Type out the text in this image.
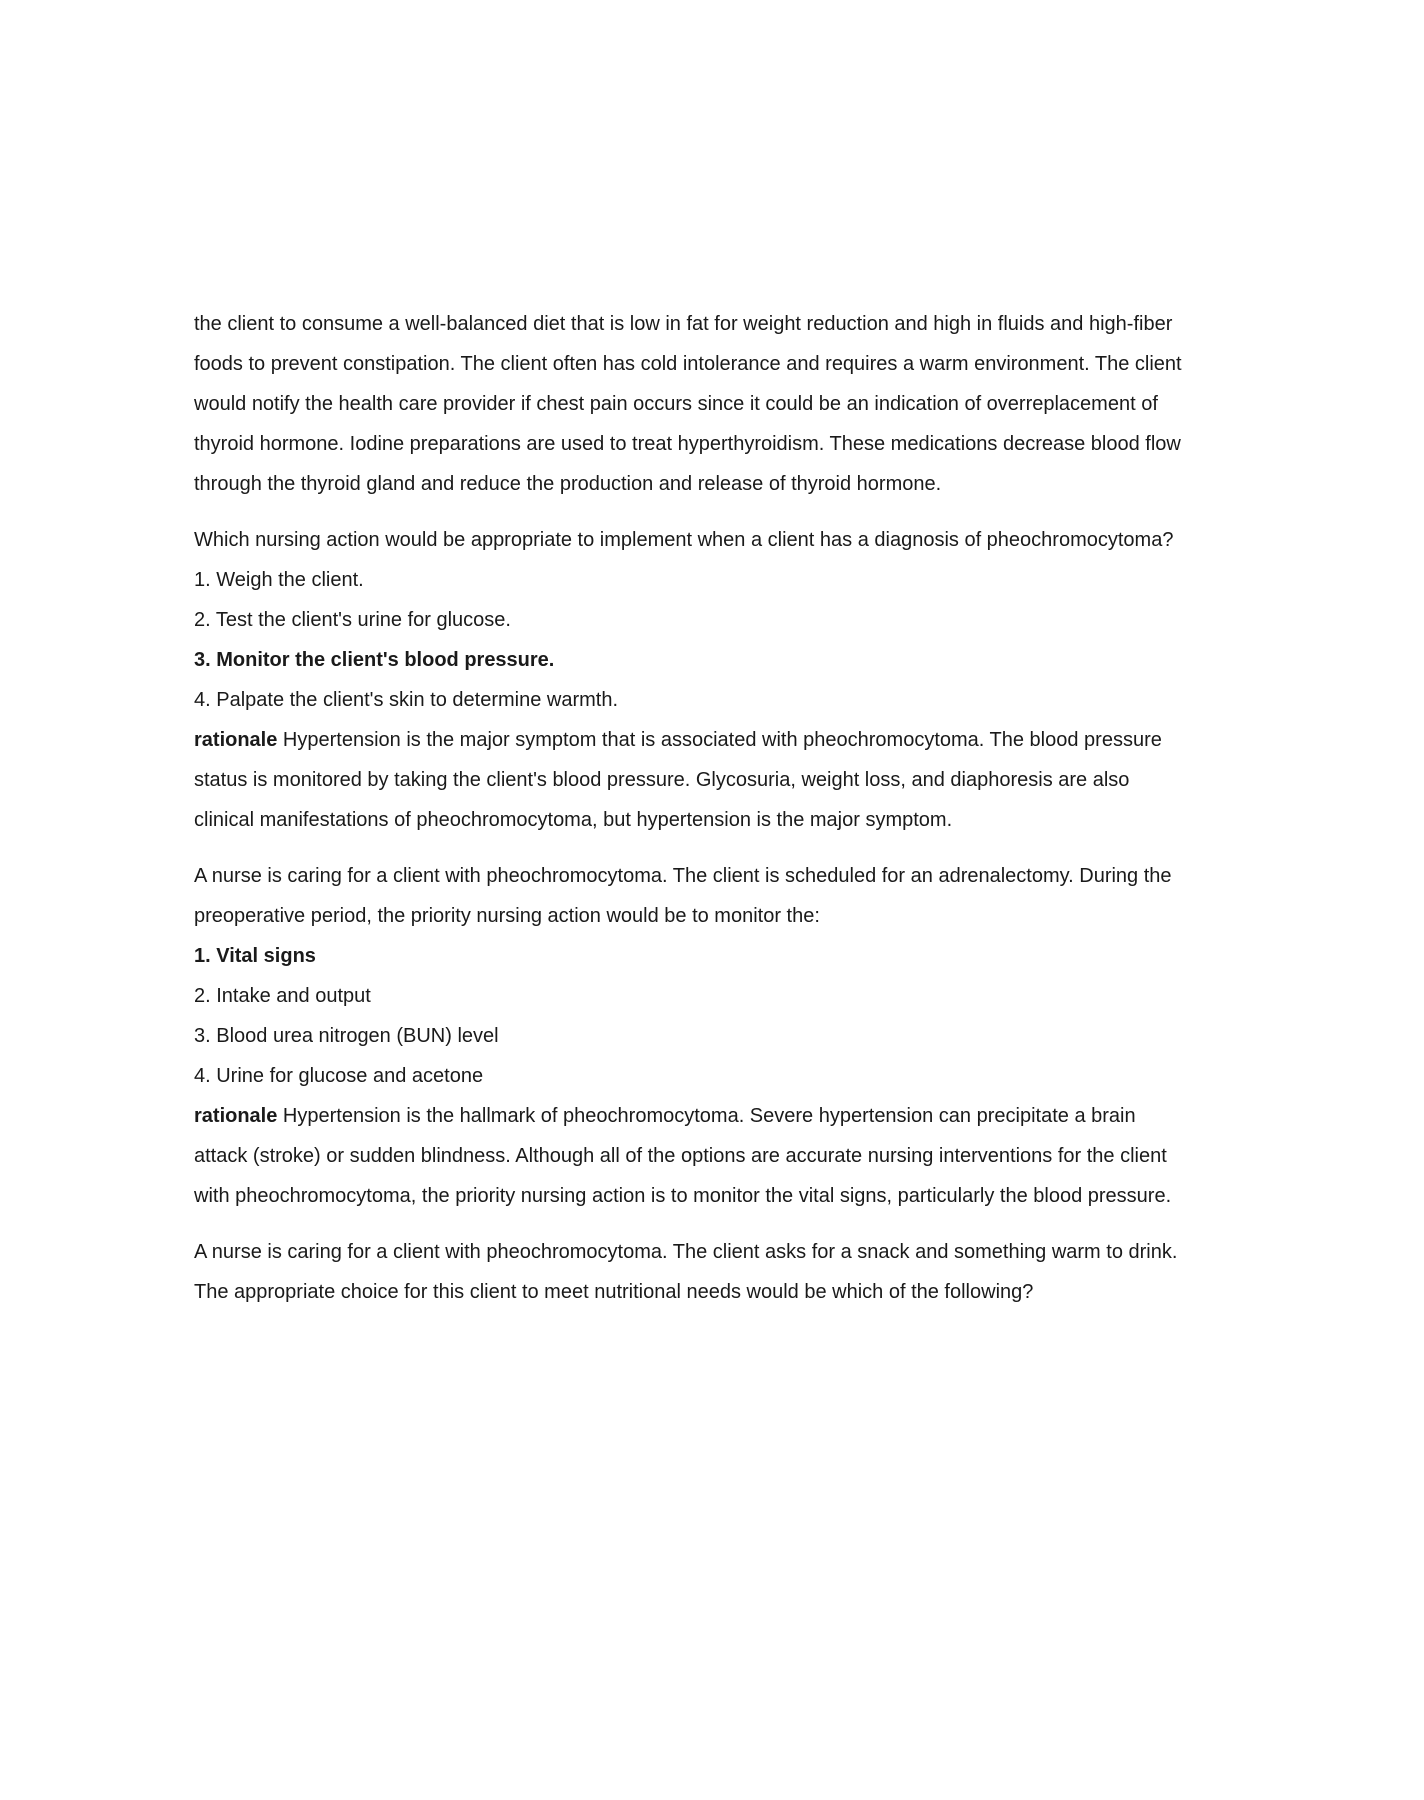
the client to consume a well-balanced diet that is low in fat for weight reduction and high in fluids and high-fiber foods to prevent constipation. The client often has cold intolerance and requires a warm environment. The client would notify the health care provider if chest pain occurs since it could be an indication of overreplacement of thyroid hormone. Iodine preparations are used to treat hyperthyroidism. These medications decrease blood flow through the thyroid gland and reduce the production and release of thyroid hormone.

Which nursing action would be appropriate to implement when a client has a diagnosis of pheochromocytoma?

1. Weigh the client.
2. Test the client's urine for glucose.
3. Monitor the client's blood pressure.
4. Palpate the client's skin to determine warmth.

rationale Hypertension is the major symptom that is associated with pheochromocytoma. The blood pressure status is monitored by taking the client's blood pressure. Glycosuria, weight loss, and diaphoresis are also clinical manifestations of pheochromocytoma, but hypertension is the major symptom.

A nurse is caring for a client with pheochromocytoma. The client is scheduled for an adrenalectomy. During the preoperative period, the priority nursing action would be to monitor the:

1. Vital signs
2. Intake and output
3. Blood urea nitrogen (BUN) level
4. Urine for glucose and acetone

rationale Hypertension is the hallmark of pheochromocytoma. Severe hypertension can precipitate a brain attack (stroke) or sudden blindness. Although all of the options are accurate nursing interventions for the client with pheochromocytoma, the priority nursing action is to monitor the vital signs, particularly the blood pressure.

A nurse is caring for a client with pheochromocytoma. The client asks for a snack and something warm to drink. The appropriate choice for this client to meet nutritional needs would be which of the following?
